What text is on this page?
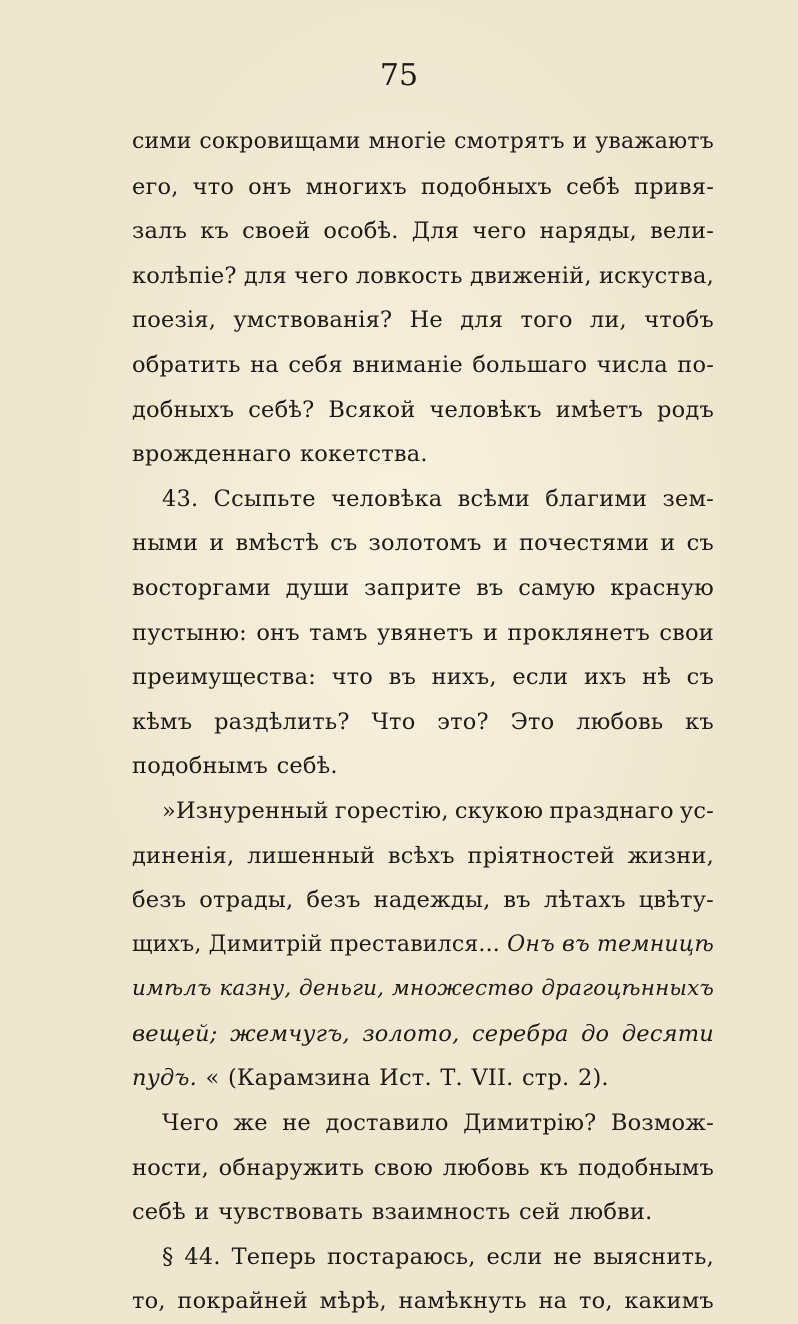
75
сими сокровищами многіе смотрятъ и уважаютъ
его, что онъ многихъ подобныхъ себѣ привя-
залъ къ своей особѣ. Для чего наряды, вели-
колѣпіе? для чего ловкость движеній, искуства,
поезія, умствованія? Не для того ли, чтобъ
обратить на себя вниманіе большаго числа по-
добныхъ себѣ? Всякой человѣкъ имѣетъ родъ
врожденнаго кокетства.
43. Ссыпьте человѣка всѣми благими зем-
ными и вмѣстѣ съ золотомъ и почестями и съ
восторгами души заприте въ самую красную
пустыню: онъ тамъ увянетъ и проклянетъ свои
преимущества: что въ нихъ, если ихъ нѣ съ
кѣмъ раздѣлить? Что это? Это любовь къ
подобнымъ себѣ.
»Изнуренный горестію, скукою празднаго ус-
диненія, лишенный всѣхъ пріятностей жизни,
безъ отрады, безъ надежды, въ лѣтахъ цвѣту-
щихъ, Димитрій преставился... Онъ въ темницѣ
имѣлъ казну, деньги, множество драгоцѣнныхъ
вещей; жемчугъ, золото, серебра до десяти
пудъ. « (Карамзина Ист. Т. VII. стр. 2).
Чего же не доставило Димитрію? Возмож-
ности, обнаружить свою любовь къ подобнымъ
себѣ и чувствовать взаимность сей любви.
§ 44. Теперь постараюсь, если не выяснить,
то, покрайней мѣрѣ, намѣкнуть на то, какимъ
